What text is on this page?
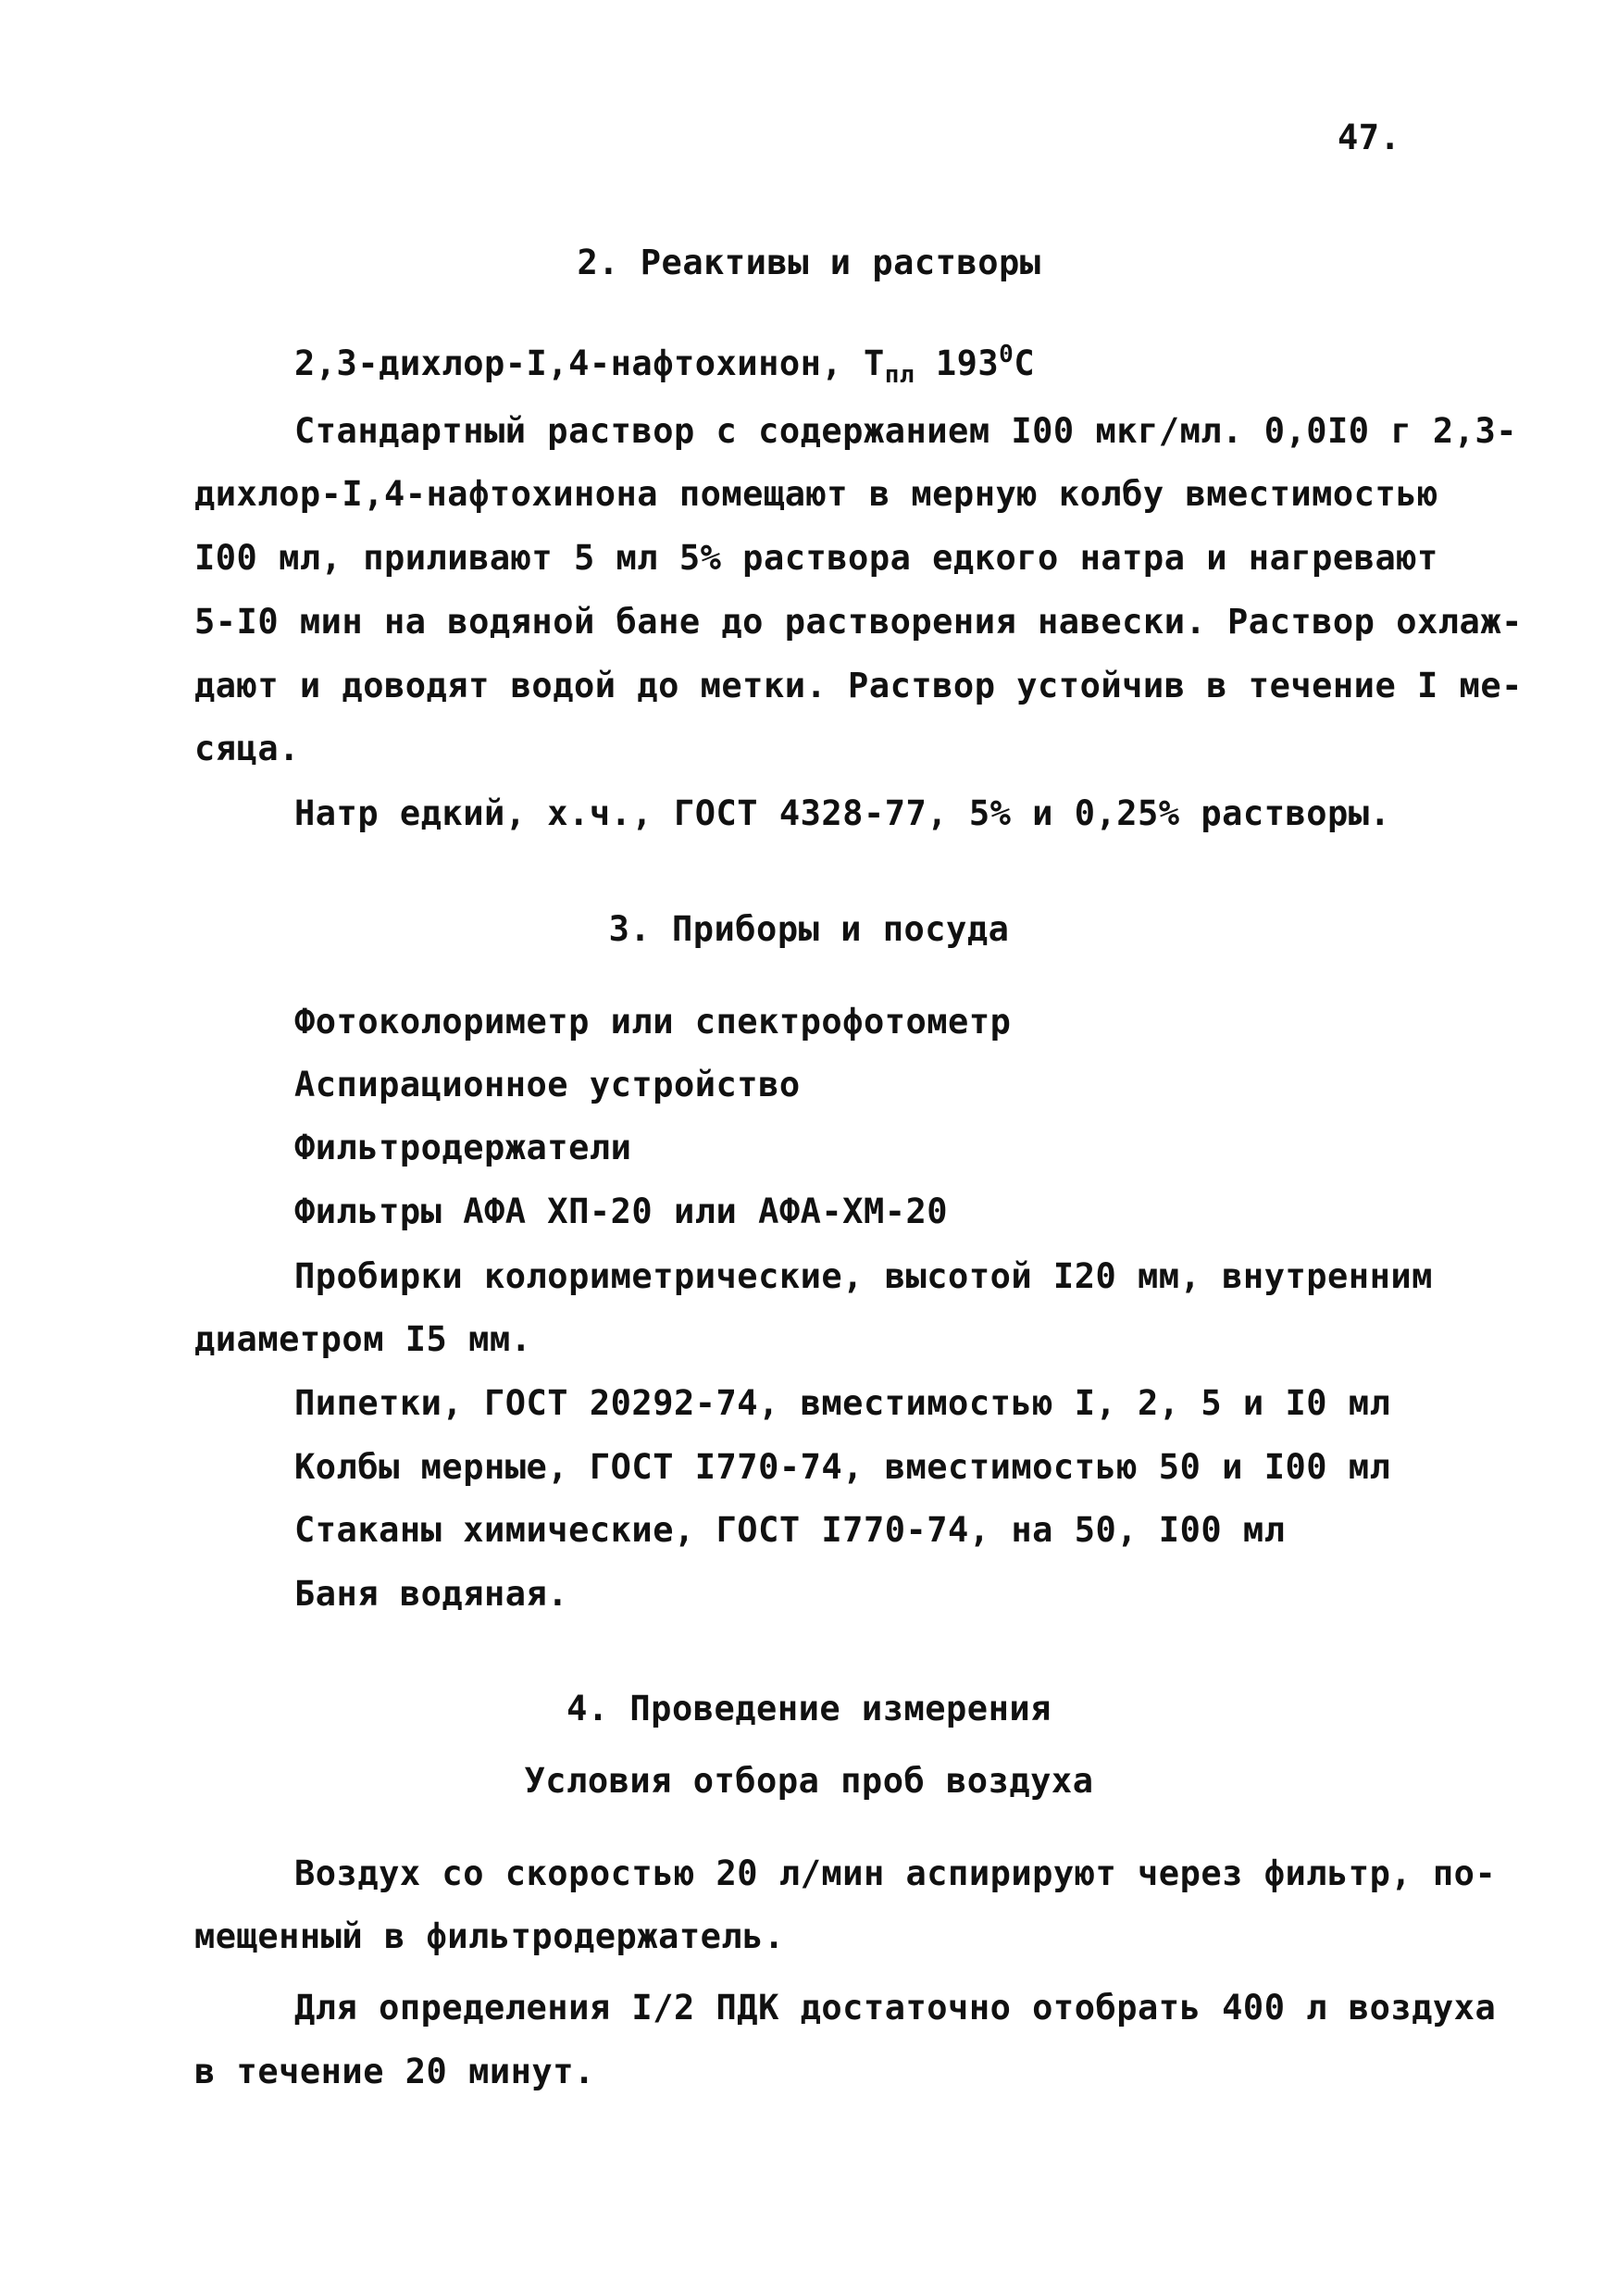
47.
2. Реактивы и растворы
2,3-дихлор-I,4-нафтохинон, $Т_{пл}$ $193^0С$
Стандартный раствор с содержанием I00 мкг/мл. 0,0I0 г 2,3-
дихлор-I,4-нафтохинона помещают в мерную колбу вместимостью
I00 мл, приливают 5 мл 5% раствора едкого натра и нагревают
5-I0 мин на водяной бане до растворения навески. Раствор охлаж-
дают и доводят водой до метки. Раствор устойчив в течение I ме-
сяца.
Натр едкий, х.ч., ГОСТ 4328-77, 5% и 0,25% растворы.
3. Приборы и посуда
Фотоколориметр или спектрофотометр
Аспирационное устройство
Фильтродержатели
Фильтры АФА ХП-20 или АФА-ХМ-20
Пробирки колориметрические, высотой I20 мм, внутренним
диаметром I5 мм.
Пипетки, ГОСТ 20292-74, вместимостью I, 2, 5 и I0 мл
Колбы мерные, ГОСТ I770-74, вместимостью 50 и I00 мл
Стаканы химические, ГОСТ I770-74, на 50, I00 мл
Баня водяная.
4. Проведение измерения
Условия отбора проб воздуха
Воздух со скоростью 20 л/мин аспирируют через фильтр, по-
мещенный в фильтродержатель.
Для определения I/2 ПДК достаточно отобрать 400 л воздуха
в течение 20 минут.
